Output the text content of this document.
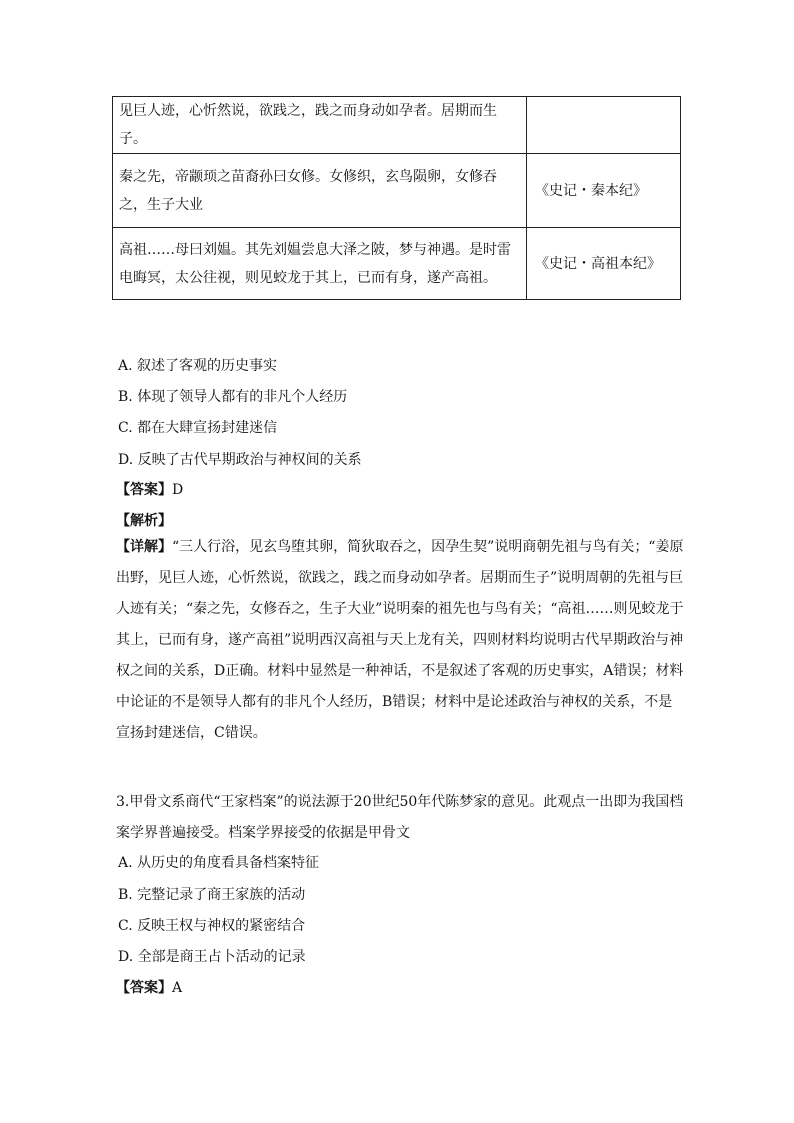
见巨人迹，心忻然说，欲践之，践之而身动如孕者。居期而生子。	
秦之先，帝颛顼之苗裔孙曰女修。女修织，玄鸟陨卵，女修吞之，生子大业	《史记・秦本纪》
高祖……母曰刘媪。其先刘媪尝息大泽之陂，梦与神遇。是时雷电晦冥，太公往视，则见蛟龙于其上，已而有身，遂产高祖。	《史记・高祖本纪》
A. 叙述了客观的历史事实
B. 体现了领导人都有的非凡个人经历
C. 都在大肆宣扬封建迷信
D. 反映了古代早期政治与神权间的关系
【答案】D
【解析】
【详解】“三人行浴，见玄鸟堕其卵，简狄取吞之，因孕生契”说明商朝先祖与鸟有关；“姜原出野，见巨人迹，心忻然说，欲践之，践之而身动如孕者。居期而生子”说明周朝的先祖与巨人迹有关；“秦之先，女修吞之，生子大业”说明秦的祖先也与鸟有关；“高祖……则见蛟龙于其上，已而有身，遂产高祖”说明西汉高祖与天上龙有关，四则材料均说明古代早期政治与神权之间的关系，D正确。材料中显然是一种神话，不是叙述了客观的历史事实，A错误；材料中论证的不是领导人都有的非凡个人经历，B错误；材料中是论述政治与神权的关系，不是宣扬封建迷信，C错误。
3.甲骨文系商代“王家档案”的说法源于20世纪50年代陈梦家的意见。此观点一出即为我国档案学界普遍接受。档案学界接受的依据是甲骨文
A. 从历史的角度看具备档案特征
B. 完整记录了商王家族的活动
C. 反映王权与神权的紧密结合
D. 全部是商王占卜活动的记录
【答案】A
